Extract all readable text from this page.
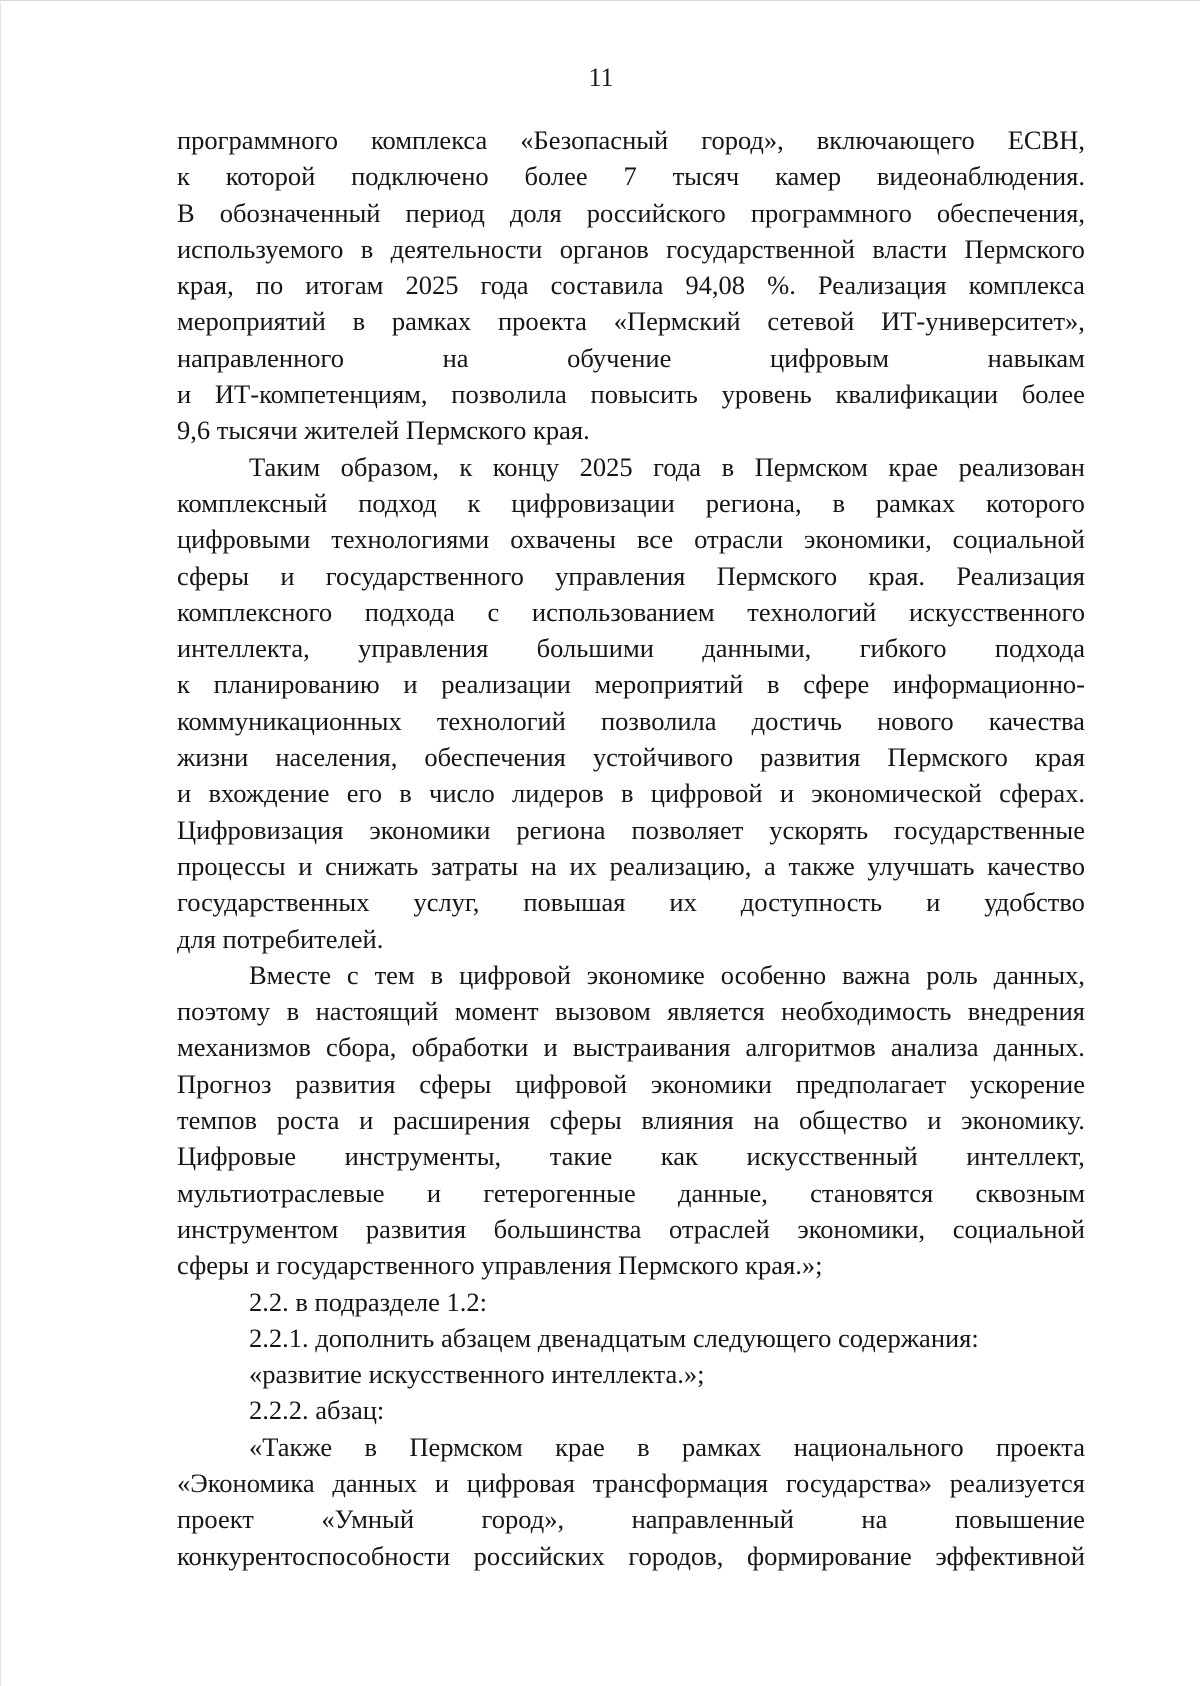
11
программного комплекса «Безопасный город», включающего ЕСВН,
к которой подключено более 7 тысяч камер видеонаблюдения.
В обозначенный период доля российского программного обеспечения,
используемого в деятельности органов государственной власти Пермского
края, по итогам 2025 года составила 94,08 %. Реализация комплекса
мероприятий в рамках проекта «Пермский сетевой ИТ-университет»,
направленного	на	обучение	цифровым	навыкам
и ИТ-компетенциям, позволила повысить уровень квалификации более
9,6 тысячи жителей Пермского края.
Таким образом, к концу 2025 года в Пермском крае реализован
комплексный подход к цифровизации региона, в рамках которого
цифровыми технологиями охвачены все отрасли экономики, социальной
сферы и государственного управления Пермского края. Реализация
комплексного подхода с использованием технологий искусственного
интеллекта, управления большими данными, гибкого подхода
к планированию и реализации мероприятий в сфере информационно-
коммуникационных технологий позволила достичь нового качества
жизни населения, обеспечения устойчивого развития Пермского края
и вхождение его в число лидеров в цифровой и экономической сферах.
Цифровизация экономики региона позволяет ускорять государственные
процессы и снижать затраты на их реализацию, а также улучшать качество
государственных услуг, повышая их доступность и удобство
для потребителей.
Вместе с тем в цифровой экономике особенно важна роль данных,
поэтому в настоящий момент вызовом является необходимость внедрения
механизмов сбора, обработки и выстраивания алгоритмов анализа данных.
Прогноз развития сферы цифровой экономики предполагает ускорение
темпов роста и расширения сферы влияния на общество и экономику.
Цифровые инструменты, такие как искусственный интеллект,
мультиотраслевые и гетерогенные данные, становятся сквозным
инструментом развития большинства отраслей экономики, социальной
сферы и государственного управления Пермского края.»;
2.2. в подразделе 1.2:
2.2.1. дополнить абзацем двенадцатым следующего содержания:
«развитие искусственного интеллекта.»;
2.2.2. абзац:
«Также в Пермском крае в рамках национального проекта
«Экономика данных и цифровая трансформация государства» реализуется
проект	«Умный	город»,	направленный	на	повышение
конкурентоспособности российских городов, формирование эффективной
